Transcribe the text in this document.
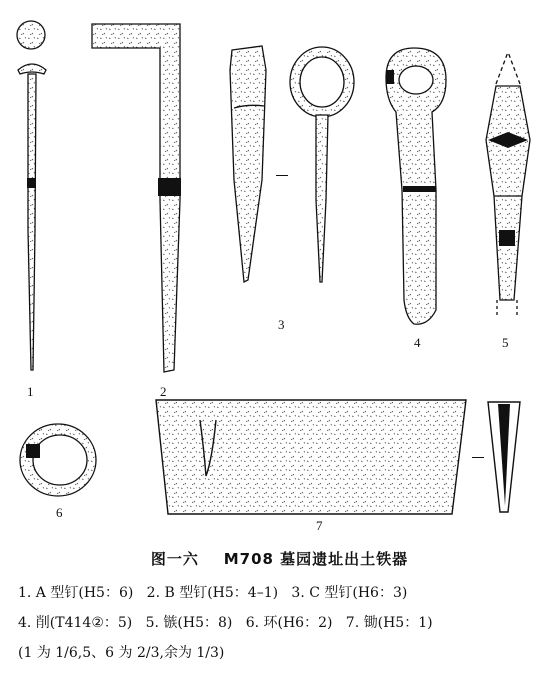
1	2
3
4	5
6
7
图一六    M708 墓园遗址出土铁器
1. A 型钉(H5：6)   2. B 型钉(H5：4–1)   3. C 型钉(H6：3)
4. 削(T414②：5)   5. 镞(H5：8)   6. 环(H6：2)   7. 锄(H5：1)
(1 为 1/6,5、6 为 2/3,余为 1/3)
